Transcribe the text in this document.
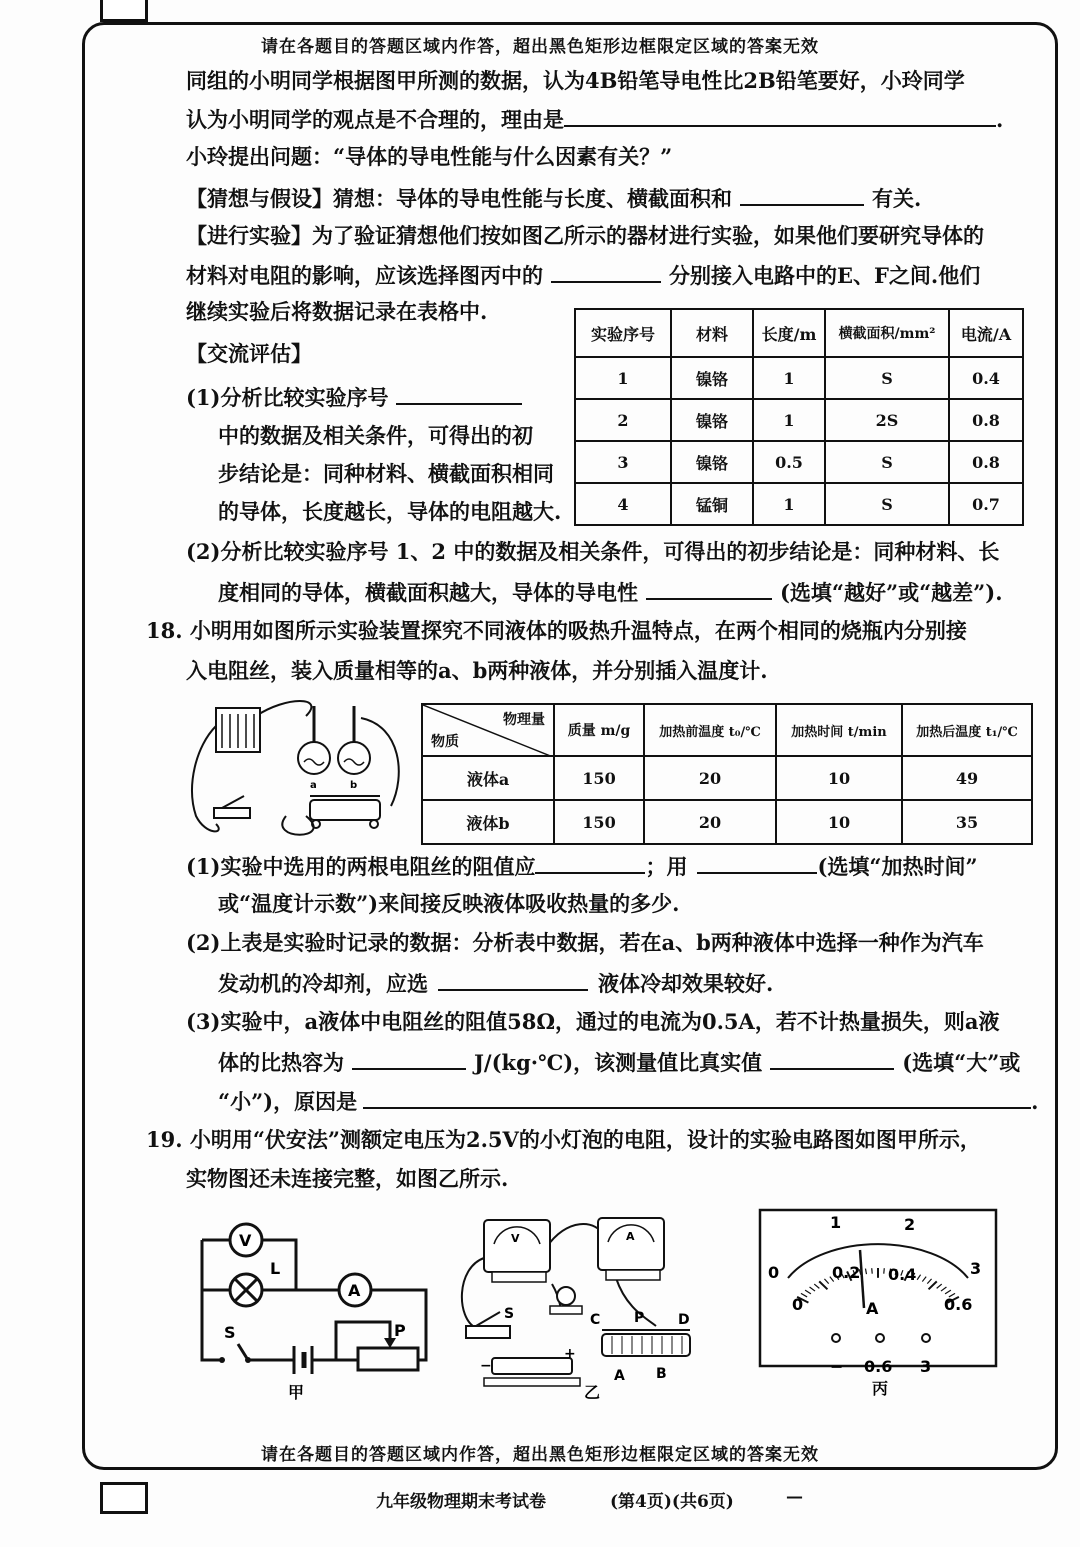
请在各题目的答题区域内作答，超出黑色矩形边框限定区域的答案无效
同组的小明同学根据图甲所测的数据，认为4B铅笔导电性比2B铅笔要好，小玲同学
认为小明同学的观点是不合理的，理由是	.
小玲提出问题：“导体的导电性能与什么因素有关？”
【猜想与假设】猜想：导体的导电性能与长度、横截面积和	有关.
【进行实验】为了验证猜想他们按如图乙所示的器材进行实验，如果他们要研究导体的
材料对电阻的影响，应该选择图丙中的	分别接入电路中的E、F之间.他们
继续实验后将数据记录在表格中.
【交流评估】
(1)分析比较实验序号
中的数据及相关条件，可得出的初
步结论是：同种材料、横截面积相同
的导体，长度越长，导体的电阻越大.
实验序号	材料	长度/m	横截面积/mm²	电流/A
1	镍铬	1	S	0.4
2	镍铬	1	2S	0.8
3	镍铬	0.5	S	0.8
4	锰铜	1	S	0.7
(2)分析比较实验序号 1、2 中的数据及相关条件，可得出的初步结论是：同种材料、长
度相同的导体，横截面积越大，导体的导电性	(选填“越好”或“越差”).
18. 小明用如图所示实验装置探究不同液体的吸热升温特点，在两个相同的烧瓶内分别接
入电阻丝，装入质量相等的a、b两种液体，并分别插入温度计.
a	b
物理量
物质	质量 m/g	加热前温度 t₀/℃	加热时间 t/min	加热后温度 t₁/℃
液体a	150	20	10	49
液体b	150	20	10	35
(1)实验中选用的两根电阻丝的阻值应	；用	(选填“加热时间”
或“温度计示数”)来间接反映液体吸收热量的多少.
(2)上表是实验时记录的数据：分析表中数据，若在a、b两种液体中选择一种作为汽车
发动机的冷却剂，应选	液体冷却效果较好.
(3)实验中，a液体中电阻丝的阻值58Ω，通过的电流为0.5A，若不计热量损失，则a液
体的比热容为	J/(kg·℃)，该测量值比真实值	(选填“大”或
“小”)，原因是	.
19. 小明用“伏安法”测额定电压为2.5V的小灯泡的电阻，设计的实验电路图如图甲所示，
实物图还未连接完整，如图乙所示.
V
L
A
S	P
甲
V	A
S	C P D
A B
−
+
乙
0
1	2
3
0
0.2 0.4
0.6
A
− 0.6 3
丙
请在各题目的答题区域内作答，超出黑色矩形边框限定区域的答案无效
九年级物理期末考试卷	(第4页)(共6页)	—
